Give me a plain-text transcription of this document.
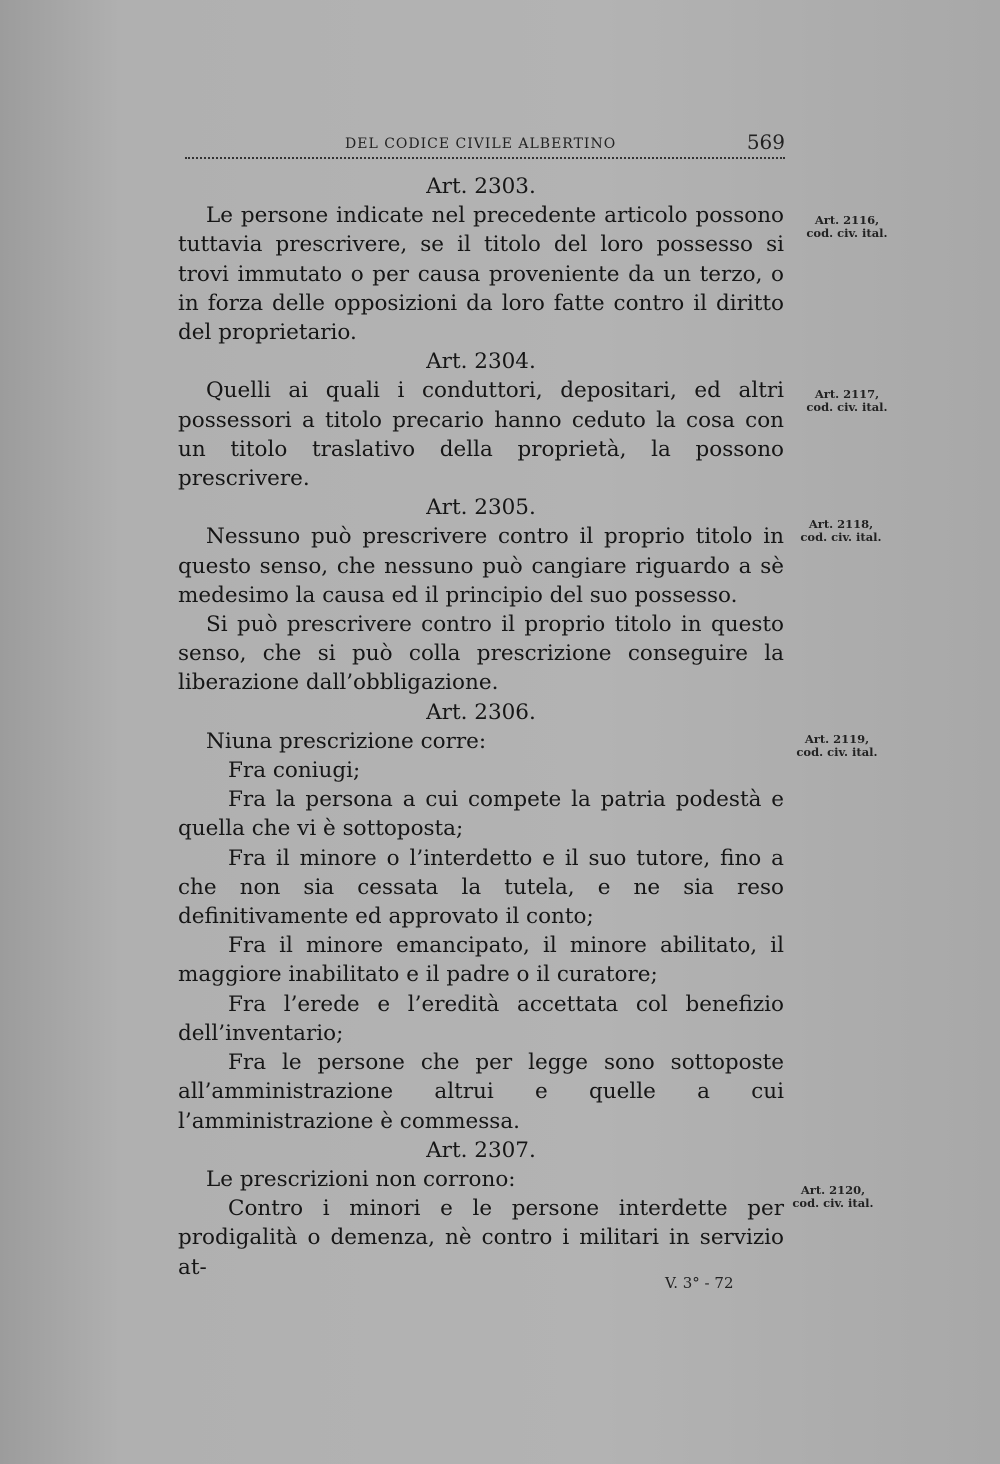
DEL CODICE CIVILE ALBERTINO	569

Art. 2303.

Le persone indicate nel precedente articolo possono tuttavia prescrivere, se il titolo del loro possesso si trovi immutato o per causa proveniente da un terzo, o in forza delle opposizioni da loro fatte contro il diritto del proprietario.

Art. 2304.

Quelli ai quali i conduttori, depositari, ed altri possessori a titolo precario hanno ceduto la cosa con un titolo traslativo della proprietà, la possono prescrivere.

Art. 2305.

Nessuno può prescrivere contro il proprio titolo in questo senso, che nessuno può cangiare riguardo a sè medesimo la causa ed il principio del suo possesso.

Si può prescrivere contro il proprio titolo in questo senso, che si può colla prescrizione conseguire la liberazione dall’obbligazione.

Art. 2306.

Niuna prescrizione corre:

Fra coniugi;

Fra la persona a cui compete la patria podestà e quella che vi è sottoposta;

Fra il minore o l’interdetto e il suo tutore, fino a che non sia cessata la tutela, e ne sia reso definitivamente ed approvato il conto;

Fra il minore emancipato, il minore abilitato, il maggiore inabilitato e il padre o il curatore;

Fra l’erede e l’eredità accettata col benefizio dell’inventario;

Fra le persone che per legge sono sottoposte all’amministrazione altrui e quelle a cui l’amministrazione è commessa.

Art. 2307.

Le prescrizioni non corrono:

Contro i minori e le persone interdette per prodigalità o demenza, nè contro i militari in servizio at-

Art. 2116,
cod. civ. ital.
Art. 2117,
cod. civ. ital.
Art. 2118,
cod. civ. ital.
Art. 2119,
cod. civ. ital.
Art. 2120,
cod. civ. ital.
V. 3° - 72
